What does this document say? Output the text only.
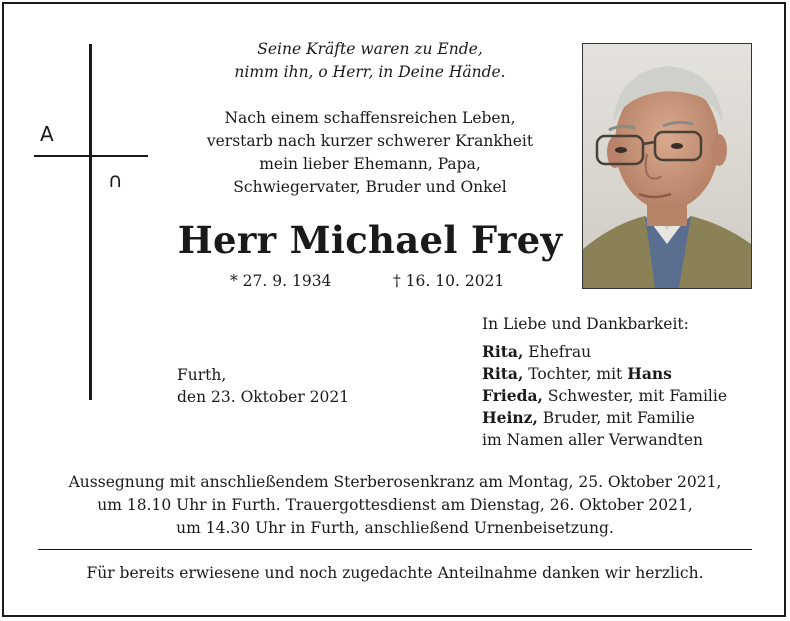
A
∩
Seine Kräfte waren zu Ende,
nimm ihn, o Herr, in Deine Hände.
Nach einem schaffensreichen Leben,
verstarb nach kurzer schwerer Krankheit
mein lieber Ehemann, Papa,
Schwiegervater, Bruder und Onkel
Herr Michael Frey
* 27. 9. 1934	† 16. 10. 2021
Furth,
den 23. Oktober 2021
In Liebe und Dankbarkeit:
Rita, Ehefrau
Rita, Tochter, mit Hans
Frieda, Schwester, mit Familie
Heinz, Bruder, mit Familie
im Namen aller Verwandten
Aussegnung mit anschließendem Sterberosenkranz am Montag, 25. Oktober 2021,
um 18.10 Uhr in Furth. Trauergottesdienst am Dienstag, 26. Oktober 2021,
um 14.30 Uhr in Furth, anschließend Urnenbeisetzung.
Für bereits erwiesene und noch zugedachte Anteilnahme danken wir herzlich.
